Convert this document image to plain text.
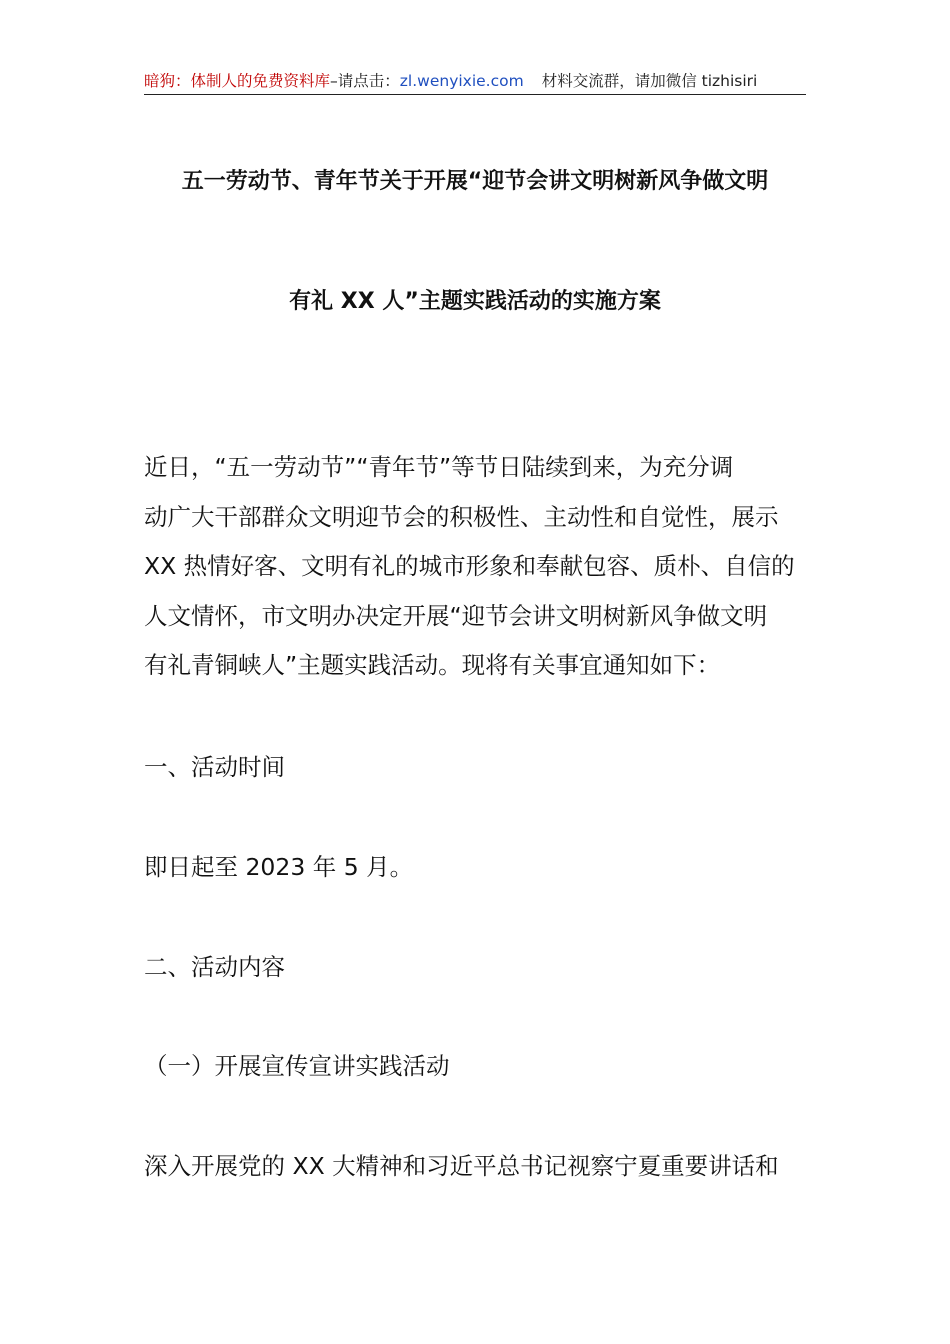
暗狗：体制人的免费资料库–请点击：zl.wenyixie.com 材料交流群，请加微信 tizhisiri
五一劳动节、青年节关于开展“迎节会讲文明树新风争做文明
有礼 XX 人”主题实践活动的实施方案
近日，“五一劳动节”“青年节”等节日陆续到来，为充分调
动广大干部群众文明迎节会的积极性、主动性和自觉性，展示
XX 热情好客、文明有礼的城市形象和奉献包容、质朴、自信的
人文情怀，市文明办决定开展“迎节会讲文明树新风争做文明
有礼青铜峡人”主题实践活动。现将有关事宜通知如下：
一、活动时间
即日起至 2023 年 5 月。
二、活动内容
（一）开展宣传宣讲实践活动
深入开展党的 XX 大精神和习近平总书记视察宁夏重要讲话和
